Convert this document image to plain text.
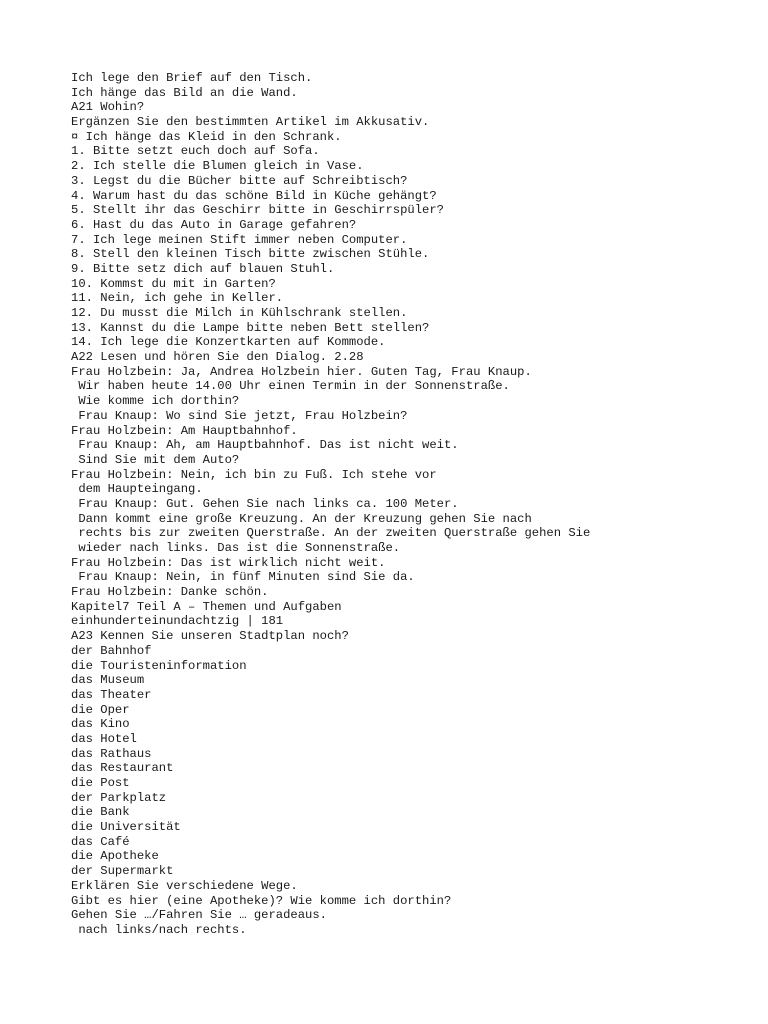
Ich lege den Brief auf den Tisch.
Ich hänge das Bild an die Wand.
A21 Wohin?
Ergänzen Sie den bestimmten Artikel im Akkusativ.
¤ Ich hänge das Kleid in den Schrank.
1. Bitte setzt euch doch auf Sofa.
2. Ich stelle die Blumen gleich in Vase.
3. Legst du die Bücher bitte auf Schreibtisch?
4. Warum hast du das schöne Bild in Küche gehängt?
5. Stellt ihr das Geschirr bitte in Geschirrspüler?
6. Hast du das Auto in Garage gefahren?
7. Ich lege meinen Stift immer neben Computer.
8. Stell den kleinen Tisch bitte zwischen Stühle.
9. Bitte setz dich auf blauen Stuhl.
10. Kommst du mit in Garten?
11. Nein, ich gehe in Keller.
12. Du musst die Milch in Kühlschrank stellen.
13. Kannst du die Lampe bitte neben Bett stellen?
14. Ich lege die Konzertkarten auf Kommode.
A22 Lesen und hören Sie den Dialog. 2.28
Frau Holzbein: Ja, Andrea Holzbein hier. Guten Tag, Frau Knaup.
Wir haben heute 14.00 Uhr einen Termin in der Sonnenstraße.
Wie komme ich dorthin?
Frau Knaup: Wo sind Sie jetzt, Frau Holzbein?
Frau Holzbein: Am Hauptbahnhof.
Frau Knaup: Ah, am Hauptbahnhof. Das ist nicht weit.
Sind Sie mit dem Auto?
Frau Holzbein: Nein, ich bin zu Fuß. Ich stehe vor
dem Haupteingang.
Frau Knaup: Gut. Gehen Sie nach links ca. 100 Meter.
Dann kommt eine große Kreuzung. An der Kreuzung gehen Sie nach
rechts bis zur zweiten Querstraße. An der zweiten Querstraße gehen Sie
wieder nach links. Das ist die Sonnenstraße.
Frau Holzbein: Das ist wirklich nicht weit.
Frau Knaup: Nein, in fünf Minuten sind Sie da.
Frau Holzbein: Danke schön.
Kapitel7 Teil A – Themen und Aufgaben
einhunderteinundachtzig | 181
A23 Kennen Sie unseren Stadtplan noch?
der Bahnhof
die Touristeninformation
das Museum
das Theater
die Oper
das Kino
das Hotel
das Rathaus
das Restaurant
die Post
der Parkplatz
die Bank
die Universität
das Café
die Apotheke
der Supermarkt
Erklären Sie verschiedene Wege.
Gibt es hier (eine Apotheke)? Wie komme ich dorthin?
Gehen Sie …/Fahren Sie … geradeaus.
nach links/nach rechts.
